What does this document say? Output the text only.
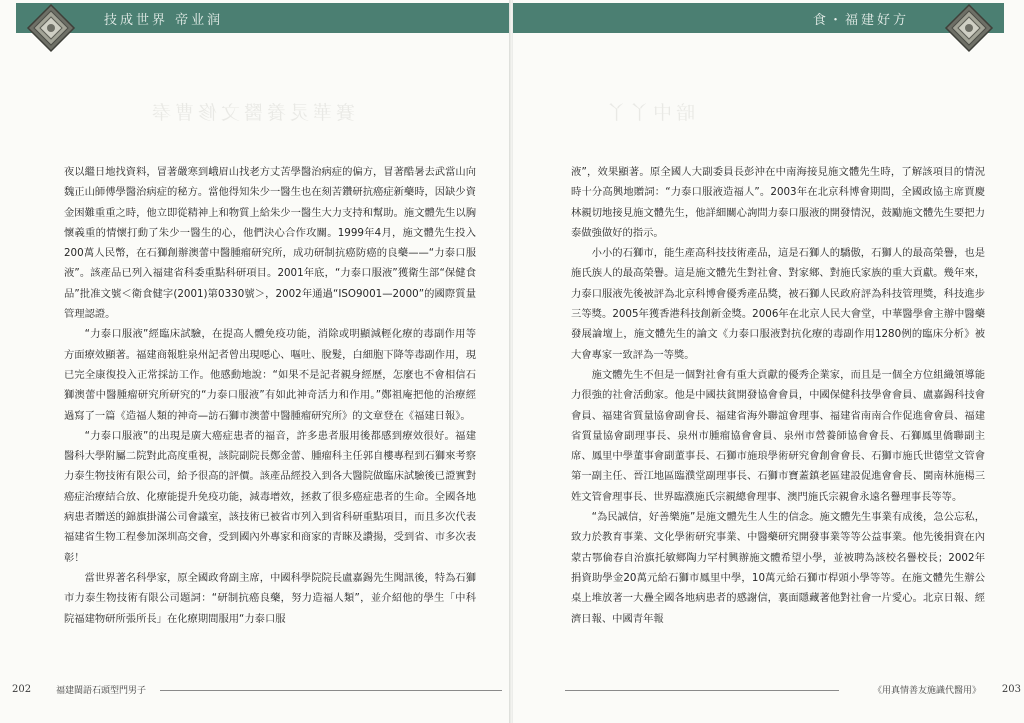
技成世界 帝业润
賽華灵養醫文修曹奉

夜以繼日地找資料，冒著嚴寒到峨眉山找老方丈苦學醫治病症的偏方，冒著酷暑去武當山向魏正山師傅學醫治病症的秘方。當他得知朱少一醫生也在刻苦鑽研抗癌症新藥時，因缺少資金困難重重之時，他立即從精神上和物質上給朱少一醫生大力支持和幫助。施文體先生以胸懷義重的情懷打動了朱少一醫生的心，他們決心合作攻關。1999年4月，施文體先生投入200萬人民幣，在石獅創辦澳蕾中醫腫瘤研究所，成功研制抗癌防癌的良藥——“力泰口服液”。該產品已列入福建省科委重點科研項目。2001年底，“力泰口服液”獲衛生部“保健食品”批准文號＜衛食健字(2001)第0330號＞，2002年通過“ISO9001—2000”的國際質量管理認證。

“力泰口服液”經臨床試驗，在提高人體免疫功能，消除或明顯減輕化療的毒副作用等方面療效顯著。福建商報駐泉州記者曾出現噁心、嘔吐、脫髮，白細胞下降等毒副作用，現已完全康復投入正常採訪工作。他感動地說：“如果不是記者親身經歷，怎麼也不會相信石獅澳蕾中醫腫瘤研究所研究的“力泰口服液”有如此神奇活力和作用。”鄭祖庵把他的治療經過寫了一篇《造福人類的神奇—訪石獅市澳蕾中醫腫瘤研究所》的文章登在《福建日報》。

“力泰口服液”的出現是廣大癌症患者的福音，許多患者服用後都感到療效很好。福建醫科大學附屬二院對此高度重視，該院副院長鄭金蕾、腫瘤科主任郭自樓專程到石獅來考察力泰生物技術有限公司，給予很高的評價。該產品經投入到各大醫院做臨床試驗後已證實對癌症治療結合放、化療能提升免疫功能，減毒增效，拯救了很多癌症患者的生命。全國各地病患者贈送的錦旗掛滿公司會議室，該技術已被省市列入到省科研重點項目，而且多次代表福建省生物工程參加深圳高交會，受到國內外專家和商家的青睞及讚揚，受到省、市多次表彰！

當世界著名科學家，原全國政脅副主席，中國科學院院長盧嘉錫先生聞訊後，特為石獅市力泰生物技術有限公司題詞：“研制抗癌良藥，努力造福人類”，並介紹他的學生「中科院福建物研所張所長」在化療期間服用“力泰口服

202	福建閩語石頭型門男子
食・福建好方
暗中丫丫

液”，效果顯著。原全國人大副委員長彭沖在中南海接見施文體先生時，了解該項目的情況時十分高興地贈詞：“力泰口服液造福人”。2003年在北京科博會期間，全國政協主席賈慶林親切地接見施文體先生，他詳細關心詢問力泰口服液的開發情況，鼓勵施文體先生要把力泰做強做好的指示。

小小的石獅市，能生產高科技技術產品，這是石獅人的驕傲，石獅人的最高榮譽，也是施氏族人的最高榮譽。這是施文體先生對社會、對家鄉、對施氏家族的重大貢獻。幾年來，力泰口服液先後被評為北京科博會優秀產品獎，被石獅人民政府評為科技管理獎，科技進步三等獎。2005年獲香港科技創新金獎。2006年在北京人民大會堂，中華醫學會主辦中醫藥發展論壇上，施文體先生的論文《力泰口服液對抗化療的毒副作用1280例的臨床分析》被大會專家一致評為一等獎。

施文體先生不但是一個對社會有重大貢獻的優秀企業家，而且是一個全方位組織領導能力很強的社會活動家。他是中國扶貧開發協會會員，中國保健科技學會會員、盧嘉錫科技會會員、福建省質量協會副會長、福建省海外聯誼會理事、福建省南南合作促進會會員、福建省質量協會副理事長、泉州市腫瘤協會會員、泉州市營養師協會會長、石獅鳳里僑聯副主席、鳳里中學董事會副董事長、石獅市施琅學術研究會創會會長、石獅市施氏世德堂文管會第一副主任、晉江地區臨濮堂副理事長、石獅市寶蓋鎮老區建設促進會會長、閩南林施楊三姓文管會理事長、世界臨濮施氏宗親總會理事、澳門施氏宗親會永遠名譽理事長等等。

“為民誠信，好善樂施”是施文體先生人生的信念。施文體先生事業有成後，急公忘私，致力於教育事業、文化學術研究事業、中醫藥研究開發事業等等公益事業。他先後捐資在內蒙古鄂倫春自治旗托敏鄉陶力罕村興辦施文體希望小學，並被聘為該校名譽校長；2002年捐資助學金20萬元給石獅市鳳里中學，10萬元給石獅市桿頭小學等等。在施文體先生辦公桌上堆放著一大疊全國各地病患者的感謝信，裏面隱藏著他對社會一片愛心。北京日報、經濟日報、中國青年報

《用真情善友施識代醫用》 203
